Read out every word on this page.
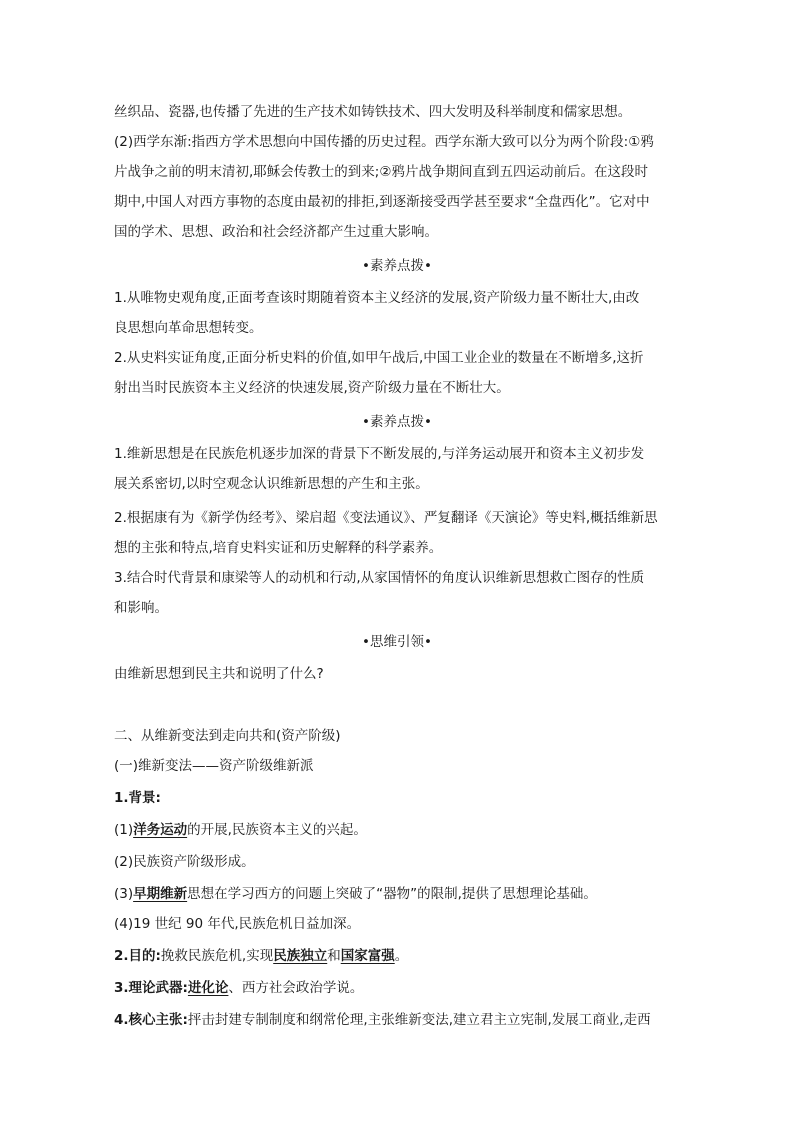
丝织品、瓷器,也传播了先进的生产技术如铸铁技术、四大发明及科举制度和儒家思想。
(2)西学东渐:指西方学术思想向中国传播的历史过程。西学东渐大致可以分为两个阶段:①鸦
片战争之前的明末清初,耶稣会传教士的到来;②鸦片战争期间直到五四运动前后。在这段时
期中,中国人对西方事物的态度由最初的排拒,到逐渐接受西学甚至要求“全盘西化”。它对中
国的学术、思想、政治和社会经济都产生过重大影响。
•素养点拨•
1.从唯物史观角度,正面考查该时期随着资本主义经济的发展,资产阶级力量不断壮大,由改
良思想向革命思想转变。
2.从史料实证角度,正面分析史料的价值,如甲午战后,中国工业企业的数量在不断增多,这折
射出当时民族资本主义经济的快速发展,资产阶级力量在不断壮大。
•素养点拨•
1.维新思想是在民族危机逐步加深的背景下不断发展的,与洋务运动展开和资本主义初步发
展关系密切,以时空观念认识维新思想的产生和主张。
2.根据康有为《新学伪经考》、梁启超《变法通议》、严复翻译《天演论》等史料,概括维新思
想的主张和特点,培育史料实证和历史解释的科学素养。
3.结合时代背景和康梁等人的动机和行动,从家国情怀的角度认识维新思想救亡图存的性质
和影响。
•思维引领•
由维新思想到民主共和说明了什么?
二、从维新变法到走向共和(资产阶级)
(一)维新变法——资产阶级维新派
1.背景:
(1)洋务运动的开展,民族资本主义的兴起。
(2)民族资产阶级形成。
(3)早期维新思想在学习西方的问题上突破了“器物”的限制,提供了思想理论基础。
(4)19 世纪 90 年代,民族危机日益加深。
2.目的:挽救民族危机,实现民族独立和国家富强。
3.理论武器:进化论、西方社会政治学说。
4.核心主张:抨击封建专制制度和纲常伦理,主张维新变法,建立君主立宪制,发展工商业,走西
